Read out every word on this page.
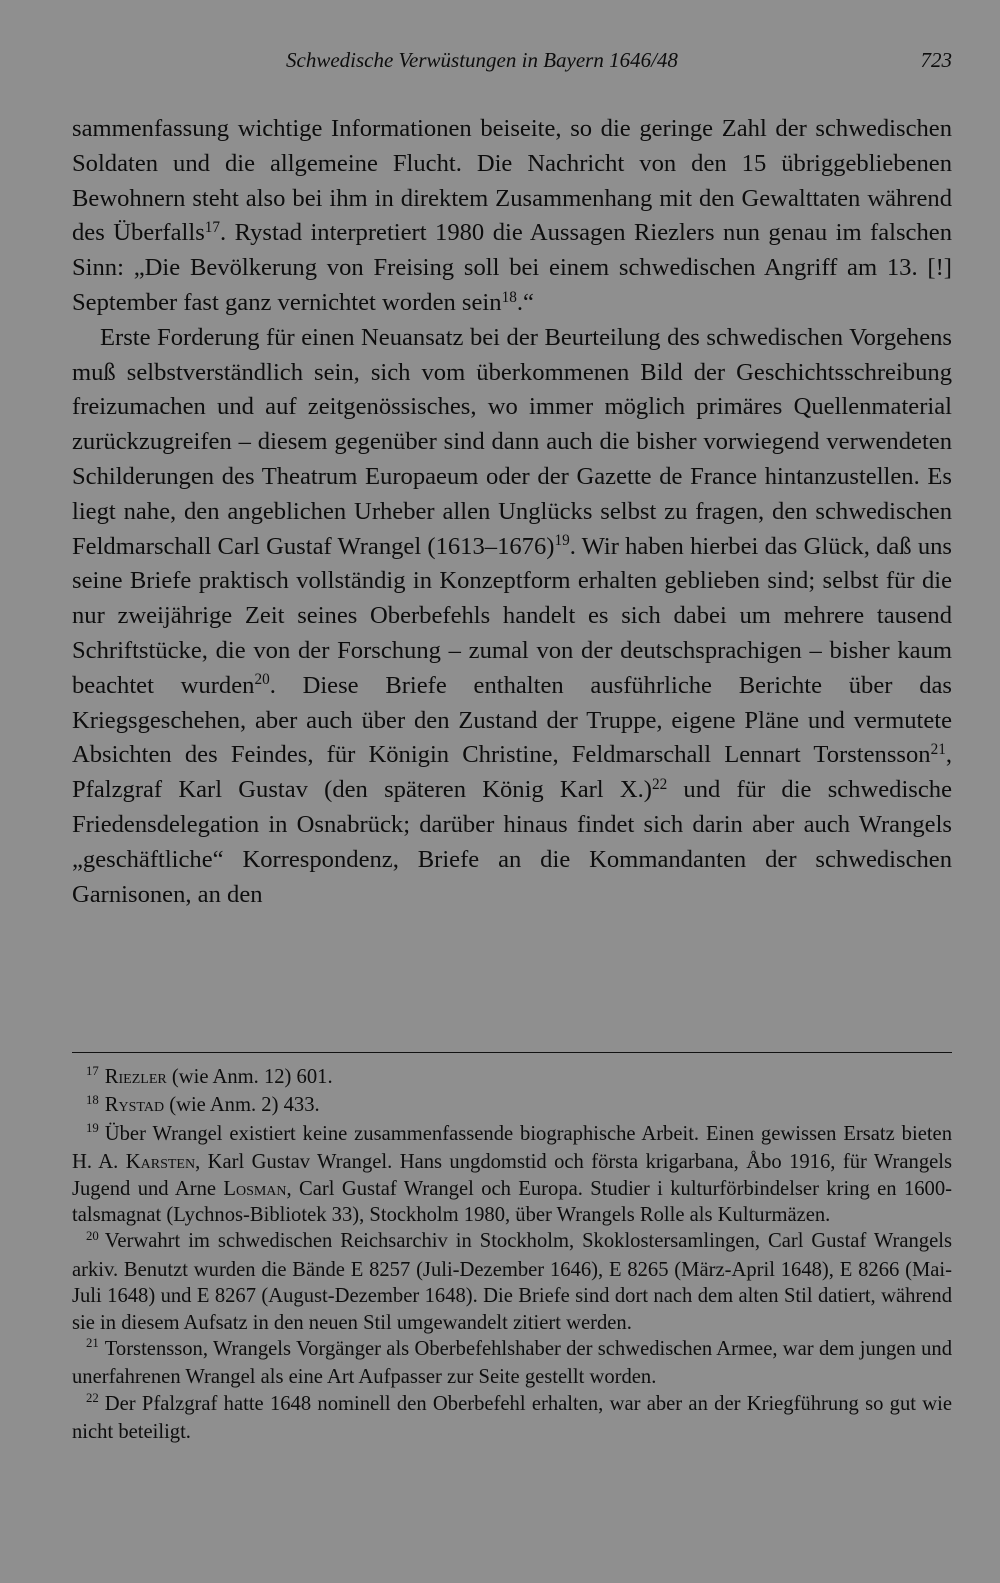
Schwedische Verwüstungen in Bayern 1646/48	723

sammenfassung wichtige Informationen beiseite, so die geringe Zahl der schwedischen Soldaten und die allgemeine Flucht. Die Nachricht von den 15 übriggebliebenen Bewohnern steht also bei ihm in direktem Zusammenhang mit den Gewalttaten während des Überfalls$^{17}$. Rystad interpretiert 1980 die Aussagen Riezlers nun genau im falschen Sinn: „Die Bevölkerung von Freising soll bei einem schwedischen Angriff am 13. [!] September fast ganz vernichtet worden sein$^{18}$.“

Erste Forderung für einen Neuansatz bei der Beurteilung des schwedischen Vorgehens muß selbstverständlich sein, sich vom überkommenen Bild der Geschichtsschreibung freizumachen und auf zeitgenössisches, wo immer möglich primäres Quellenmaterial zurückzugreifen – diesem gegenüber sind dann auch die bisher vorwiegend verwendeten Schilderungen des Theatrum Europaeum oder der Gazette de France hintanzustellen. Es liegt nahe, den angeblichen Urheber allen Unglücks selbst zu fragen, den schwedischen Feldmarschall Carl Gustaf Wrangel (1613–1676)$^{19}$. Wir haben hierbei das Glück, daß uns seine Briefe praktisch vollständig in Konzeptform erhalten geblieben sind; selbst für die nur zweijährige Zeit seines Oberbefehls handelt es sich dabei um mehrere tausend Schriftstücke, die von der Forschung – zumal von der deutschsprachigen – bisher kaum beachtet wurden$^{20}$. Diese Briefe enthalten ausführliche Berichte über das Kriegsgeschehen, aber auch über den Zustand der Truppe, eigene Pläne und vermutete Absichten des Feindes, für Königin Christine, Feldmarschall Lennart Torstensson$^{21}$, Pfalzgraf Karl Gustav (den späteren König Karl X.)$^{22}$ und für die schwedische Friedensdelegation in Osnabrück; darüber hinaus findet sich darin aber auch Wrangels „geschäftliche“ Korrespondenz, Briefe an die Kommandanten der schwedischen Garnisonen, an den

$^{17}$ Riezler (wie Anm. 12) 601.

$^{18}$ Rystad (wie Anm. 2) 433.

$^{19}$ Über Wrangel existiert keine zusammenfassende biographische Arbeit. Einen gewissen Ersatz bieten H. A. Karsten, Karl Gustav Wrangel. Hans ungdomstid och första krigarbana, Åbo 1916, für Wrangels Jugend und Arne Losman, Carl Gustaf Wrangel och Europa. Studier i kulturförbindelser kring en 1600-talsmagnat (Lychnos-Bibliotek 33), Stockholm 1980, über Wrangels Rolle als Kulturmäzen.

$^{20}$ Verwahrt im schwedischen Reichsarchiv in Stockholm, Skoklostersamlingen, Carl Gustaf Wrangels arkiv. Benutzt wurden die Bände E 8257 (Juli-Dezember 1646), E 8265 (März-April 1648), E 8266 (Mai-Juli 1648) und E 8267 (August-Dezember 1648). Die Briefe sind dort nach dem alten Stil datiert, während sie in diesem Aufsatz in den neuen Stil umgewandelt zitiert werden.

$^{21}$ Torstensson, Wrangels Vorgänger als Oberbefehlshaber der schwedischen Armee, war dem jungen und unerfahrenen Wrangel als eine Art Aufpasser zur Seite gestellt worden.

$^{22}$ Der Pfalzgraf hatte 1648 nominell den Oberbefehl erhalten, war aber an der Kriegführung so gut wie nicht beteiligt.
